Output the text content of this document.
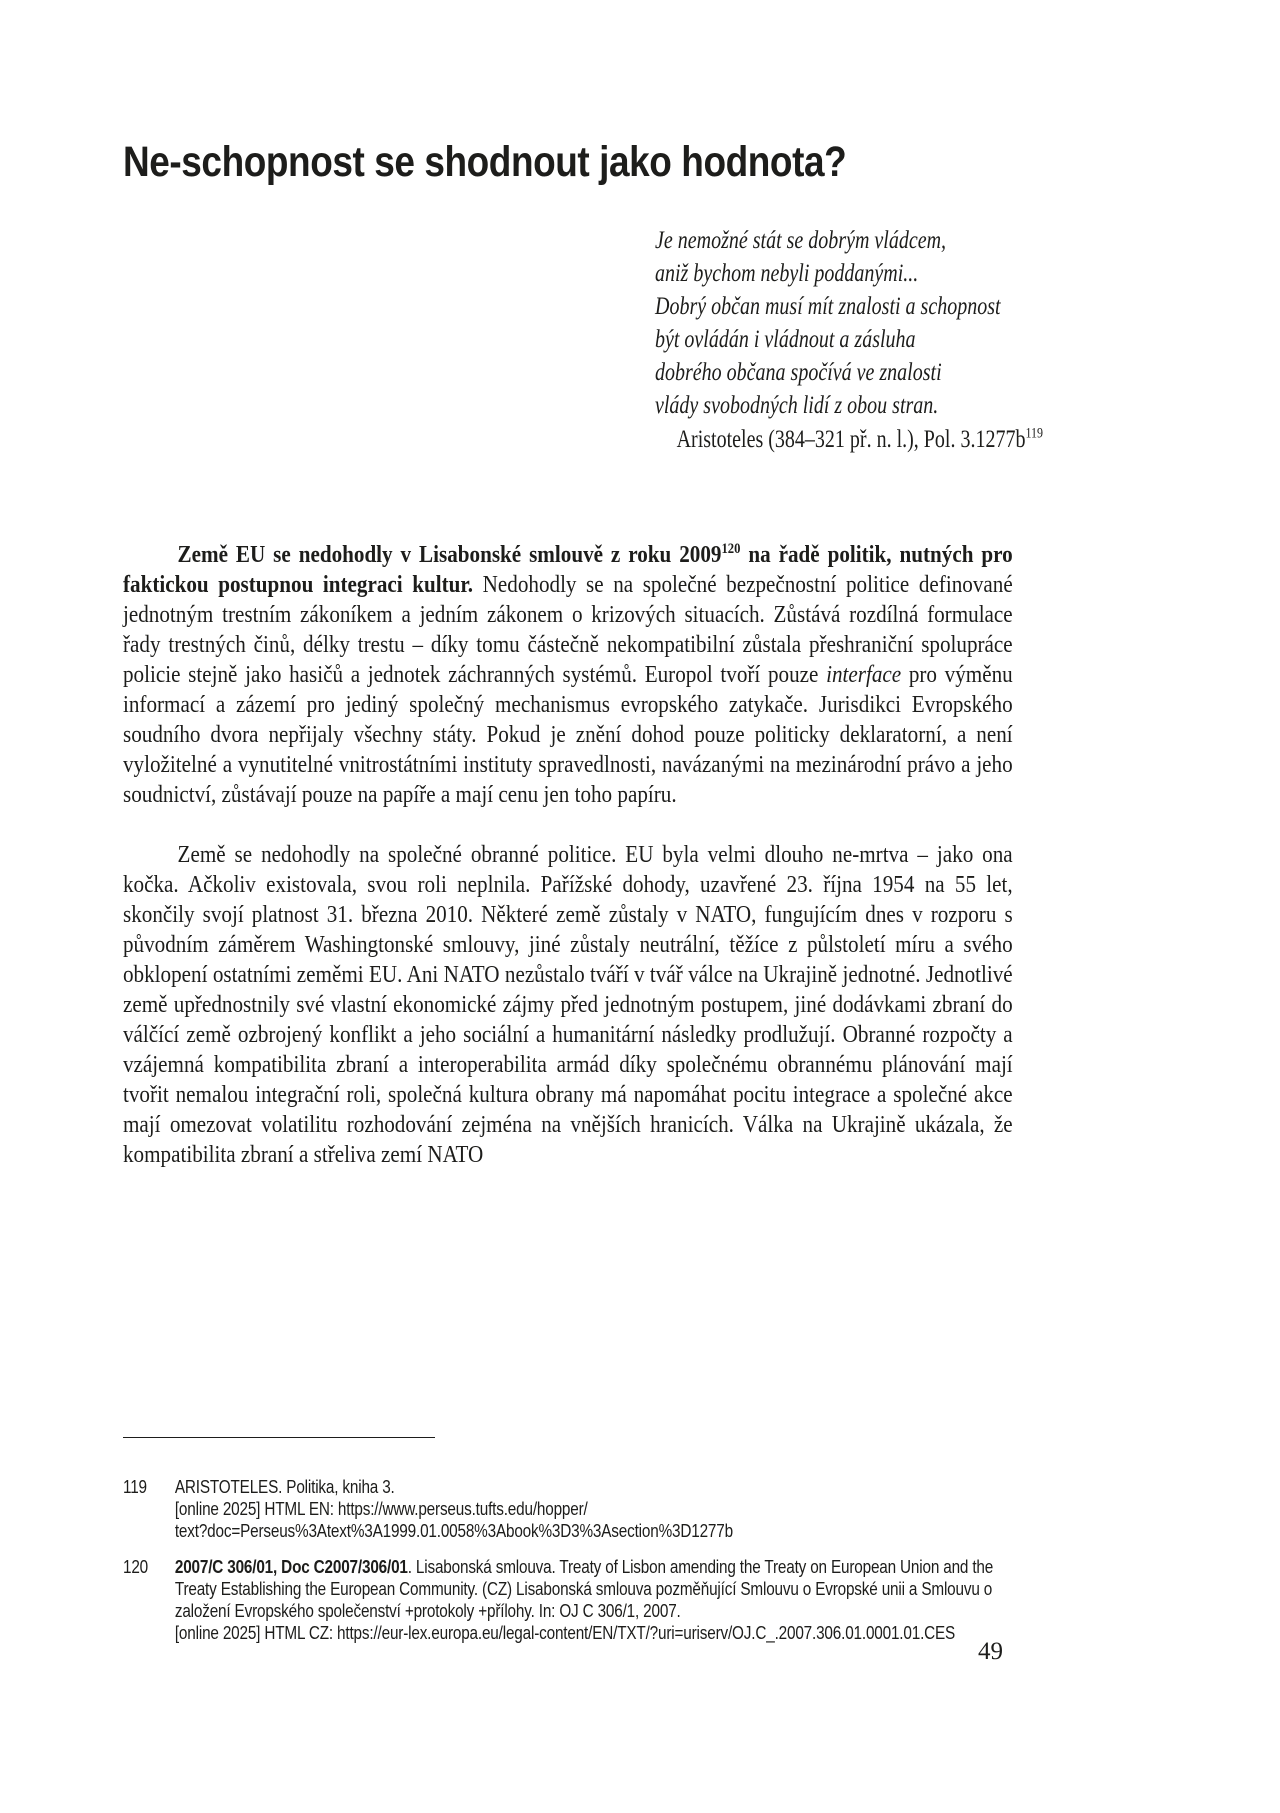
Ne-schopnost se shodnout jako hodnota?
Je nemožné stát se dobrým vládcem,
aniž bychom nebyli poddanými...
Dobrý občan musí mít znalosti a schopnost
být ovládán i vládnout a zásluha
dobrého občana spočívá ve znalosti
vlády svobodných lidí z obou stran.
Aristoteles (384–321 př. n. l.), Pol. 3.1277b$^{119}$

Země EU se nedohodly v Lisabonské smlouvě z roku 2009$^{120}$ na řadě politik, nutných pro faktickou postupnou integraci kultur. Nedohodly se na společné bezpečnostní politice definované jednotným trestním zákoníkem a jedním zákonem o krizových situacích. Zůstává rozdílná formulace řady trestných činů, délky trestu – díky tomu částečně nekompatibilní zůstala přeshraniční spolupráce policie stejně jako hasičů a jednotek záchranných systémů. Europol tvoří pouze interface pro výměnu informací a zázemí pro jediný společný mechanismus evropského zatykače. Jurisdikci Evropského soudního dvora nepřijaly všechny státy. Pokud je znění dohod pouze politicky deklaratorní, a není vyložitelné a vynutitelné vnitrostátními instituty spravedlnosti, navázanými na mezinárodní právo a jeho soudnictví, zůstávají pouze na papíře a mají cenu jen toho papíru.

Země se nedohodly na společné obranné politice. EU byla velmi dlouho ne-mrtva – jako ona kočka. Ačkoliv existovala, svou roli neplnila. Pařížské dohody, uzavřené 23. října 1954 na 55 let, skončily svojí platnost 31. března 2010. Některé země zůstaly v NATO, fungujícím dnes v rozporu s původním záměrem Washingtonské smlouvy, jiné zůstaly neutrální, těžíce z půlstoletí míru a svého obklopení ostatními zeměmi EU. Ani NATO nezůstalo tváří v tvář válce na Ukrajině jednotné. Jednotlivé země upřednostnily své vlastní ekonomické zájmy před jednotným postupem, jiné dodávkami zbraní do válčící země ozbrojený konflikt a jeho sociální a humanitární následky prodlužují. Obranné rozpočty a vzájemná kompatibilita zbraní a interoperabilita armád díky společnému obrannému plánování mají tvořit nemalou integrační roli, společná kultura obrany má napomáhat pocitu integrace a společné akce mají omezovat volatilitu rozhodování zejména na vnějších hranicích. Válka na Ukrajině ukázala, že kompatibilita zbraní a střeliva zemí NATO

119	ARISTOTELES. Politika, kniha 3.
[online 2025] HTML EN: https://www.perseus.tufts.edu/hopper/
text?doc=Perseus%3Atext%3A1999.01.0058%3Abook%3D3%3Asection%3D1277b
120	2007/C 306/01, Doc C2007/306/01. Lisabonská smlouva. Treaty of Lisbon amending the Treaty on European Union and the Treaty Establishing the European Community. (CZ) Lisabonská smlouva pozměňující Smlouvu o Evropské unii a Smlouvu o založení Evropského společenství +protokoly +přílohy. In: OJ C 306/1, 2007.
[online 2025] HTML CZ: https://eur-lex.europa.eu/legal-content/EN/TXT/?uri=uriserv/OJ.C_.2007.306.01.0001.01.CES
49
